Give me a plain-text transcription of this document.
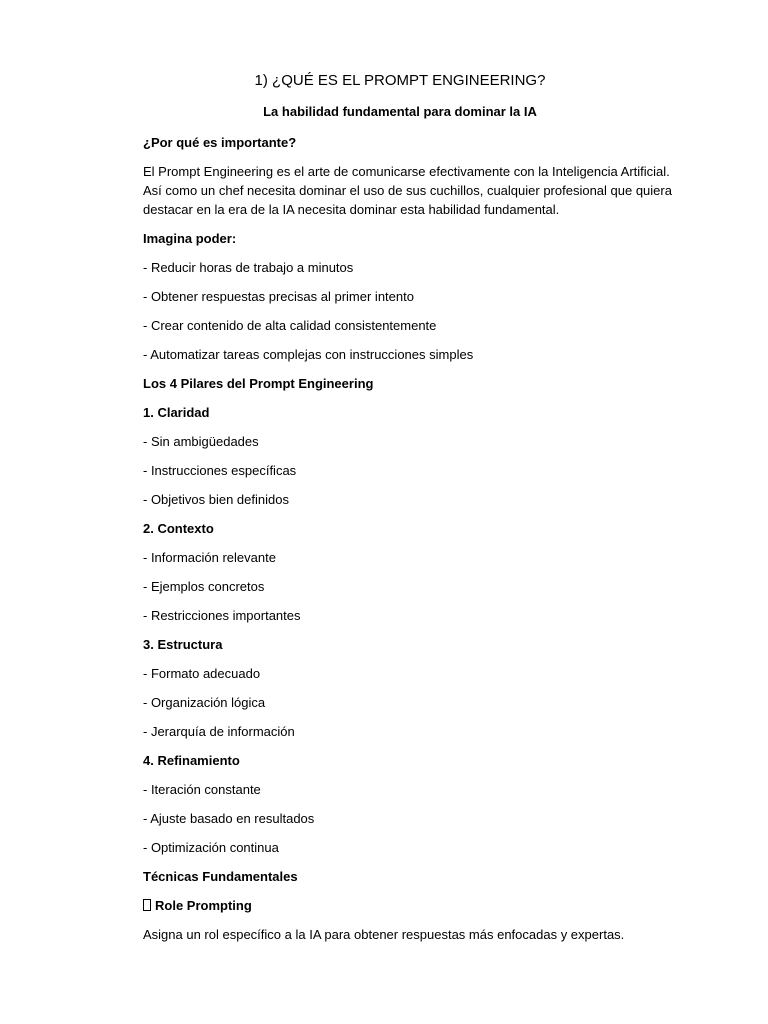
1) ¿QUÉ ES EL PROMPT ENGINEERING?
La habilidad fundamental para dominar la IA

¿Por qué es importante?

El Prompt Engineering es el arte de comunicarse efectivamente con la Inteligencia Artificial. Así como un chef necesita dominar el uso de sus cuchillos, cualquier profesional que quiera destacar en la era de la IA necesita dominar esta habilidad fundamental.

Imagina poder:

- Reducir horas de trabajo a minutos

- Obtener respuestas precisas al primer intento

- Crear contenido de alta calidad consistentemente

- Automatizar tareas complejas con instrucciones simples

Los 4 Pilares del Prompt Engineering

1. Claridad

- Sin ambigüedades

- Instrucciones específicas

- Objetivos bien definidos

2. Contexto

- Información relevante

- Ejemplos concretos

- Restricciones importantes

3. Estructura

- Formato adecuado

- Organización lógica

- Jerarquía de información

4. Refinamiento

- Iteración constante

- Ajuste basado en resultados

- Optimización continua

Técnicas Fundamentales

Role Prompting

Asigna un rol específico a la IA para obtener respuestas más enfocadas y expertas.
